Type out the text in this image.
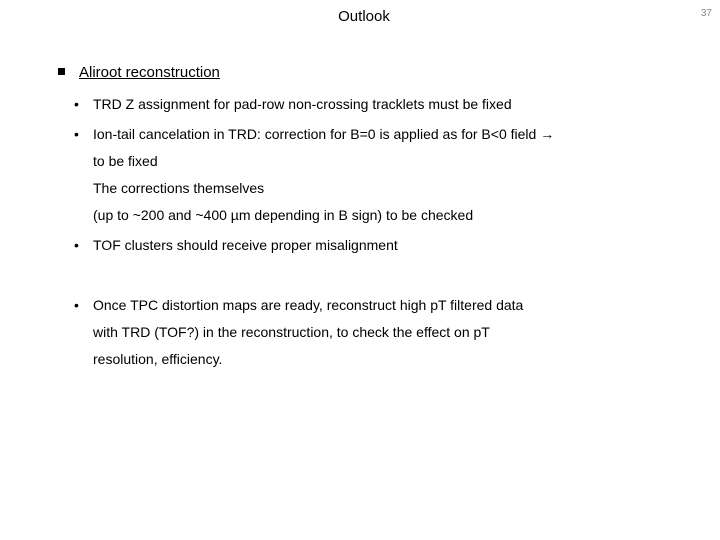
Outlook	37
Aliroot reconstruction
• TRD Z assignment for pad-row non-crossing tracklets must be fixed
• Ion-tail cancelation in TRD: correction for B=0 is applied as for B<0 field →
to be fixed
The corrections themselves
(up to ~200 and ~400 µm depending in B sign) to be checked
• TOF clusters should receive proper misalignment
• Once TPC distortion maps are ready, reconstruct high pT filtered data
with TRD (TOF?) in the reconstruction, to check the effect on pT
resolution, efficiency.
